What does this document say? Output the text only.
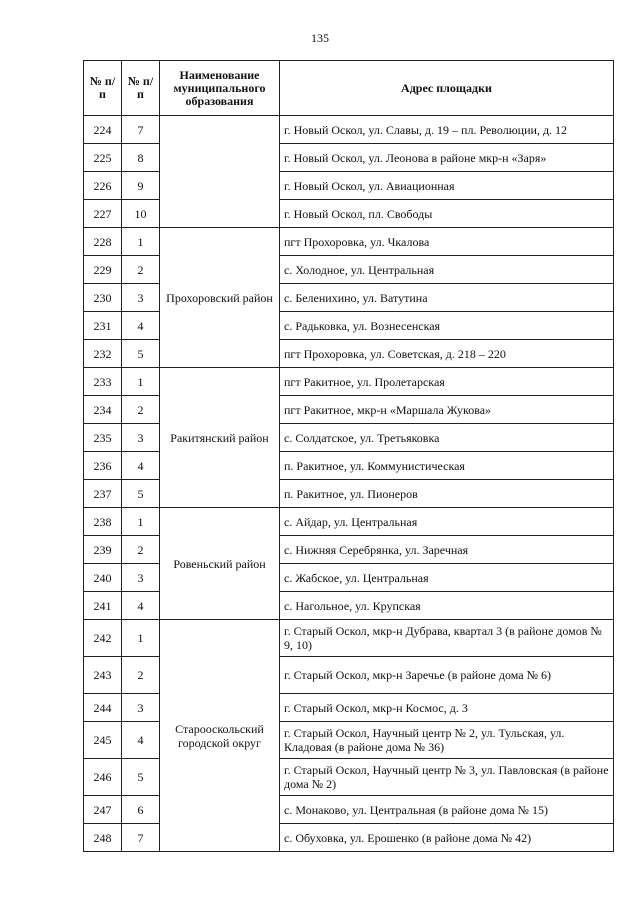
135
№ п/п	№ п/п	Наименование муниципального образования	Адрес площадки
224	7		г. Новый Оскол, ул. Славы, д. 19 – пл. Революции, д. 12
225	8		г. Новый Оскол, ул. Леонова в районе мкр-н «Заря»
226	9		г. Новый Оскол, ул. Авиационная
227	10		г. Новый Оскол, пл. Свободы
228	1	Прохоровский район	пгт Прохоровка, ул. Чкалова
229	2		с. Холодное, ул. Центральная
230	3		с. Беленихино, ул. Ватутина
231	4		с. Радьковка, ул. Вознесенская
232	5		пгт Прохоровка, ул. Советская, д. 218 – 220
233	1	Ракитянский район	пгт Ракитное, ул. Пролетарская
234	2		пгт Ракитное, мкр-н «Маршала Жукова»
235	3		с. Солдатское, ул. Третьяковка
236	4		п. Ракитное, ул. Коммунистическая
237	5		п. Ракитное, ул. Пионеров
238	1	Ровеньский район	с. Айдар, ул. Центральная
239	2		с. Нижняя Серебрянка, ул. Заречная
240	3		с. Жабское, ул. Центральная
241	4		с. Нагольное, ул. Крупская
242	1	Старооскольский городской округ	г. Старый Оскол, мкр-н Дубрава, квартал 3 (в районе домов № 9, 10)
243	2		г. Старый Оскол, мкр-н Заречье (в районе дома № 6)
244	3		г. Старый Оскол, мкр-н Космос, д. 3
245	4		г. Старый Оскол, Научный центр № 2, ул. Тульская, ул. Кладовая (в районе дома № 36)
246	5		г. Старый Оскол, Научный центр № 3, ул. Павловская (в районе дома № 2)
247	6		с. Монаково, ул. Центральная (в районе дома № 15)
248	7		с. Обуховка, ул. Ерошенко (в районе дома № 42)
